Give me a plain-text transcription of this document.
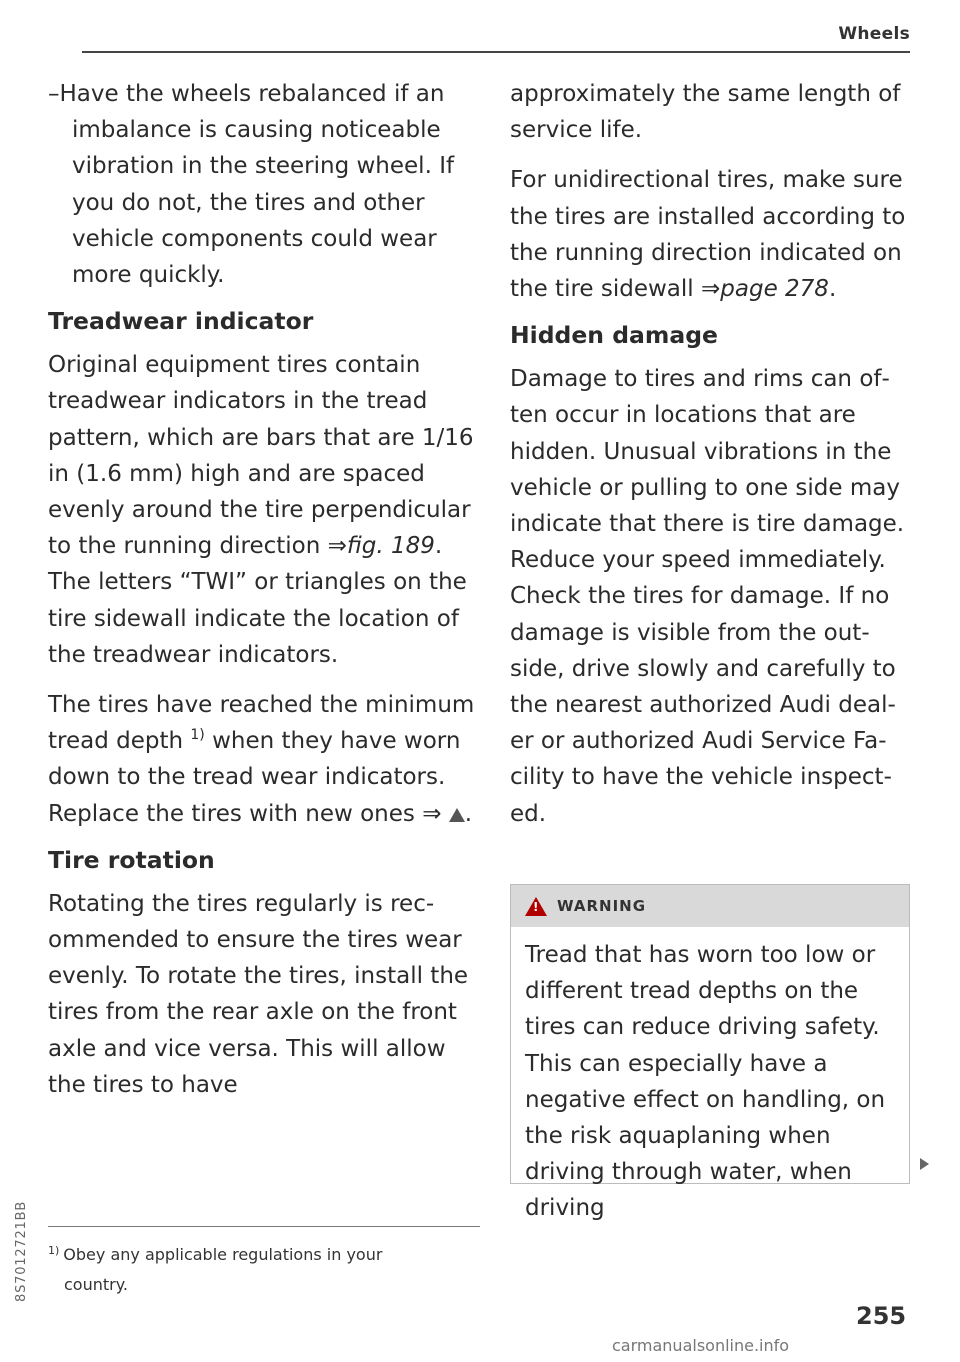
Wheels

–Have the wheels rebalanced if an imbalance is causing noticeable vibration in the steering wheel. If you do not, the tires and other vehicle components could wear more quickly.

Treadwear indicator

Original equipment tires contain treadwear indicators in the tread pattern, which are bars that are 1/16 in (1.6 mm) high and are spaced evenly around the tire perpendicular to the running direction ⇒fig. 189. The letters “TWI” or triangles on the tire sidewall indicate the location of the treadwear indicators.

The tires have reached the minimum tread depth $^{1)}$ when they have worn down to the tread wear indicators. Replace the tires with new ones ⇒ .

Tire rotation

Rotating the tires regularly is recommended to ensure the tires wear evenly. To rotate the tires, install the tires from the rear axle on the front axle and vice versa. This will allow the tires to have

approximately the same length of service life.

For unidirectional tires, make sure the tires are installed according to the running direction indicated on the tire sidewall ⇒page 278.

Hidden damage

Damage to tires and rims can often occur in locations that are hidden. Unusual vibrations in the vehicle or pulling to one side may indicate that there is tire damage. Reduce your speed immediately. Check the tires for damage. If no damage is visible from the outside, drive slowly and carefully to the nearest authorized Audi dealer or authorized Audi Service Facility to have the vehicle inspected.

!
WARNING
Tread that has worn too low or different tread depths on the tires can reduce driving safety. This can especially have a negative effect on handling, on the risk aquaplaning when driving through water, when driving
$^{1)}$ Obey any applicable regulations in your
country.
8S7012721BB
255
carmanualsonline.info
